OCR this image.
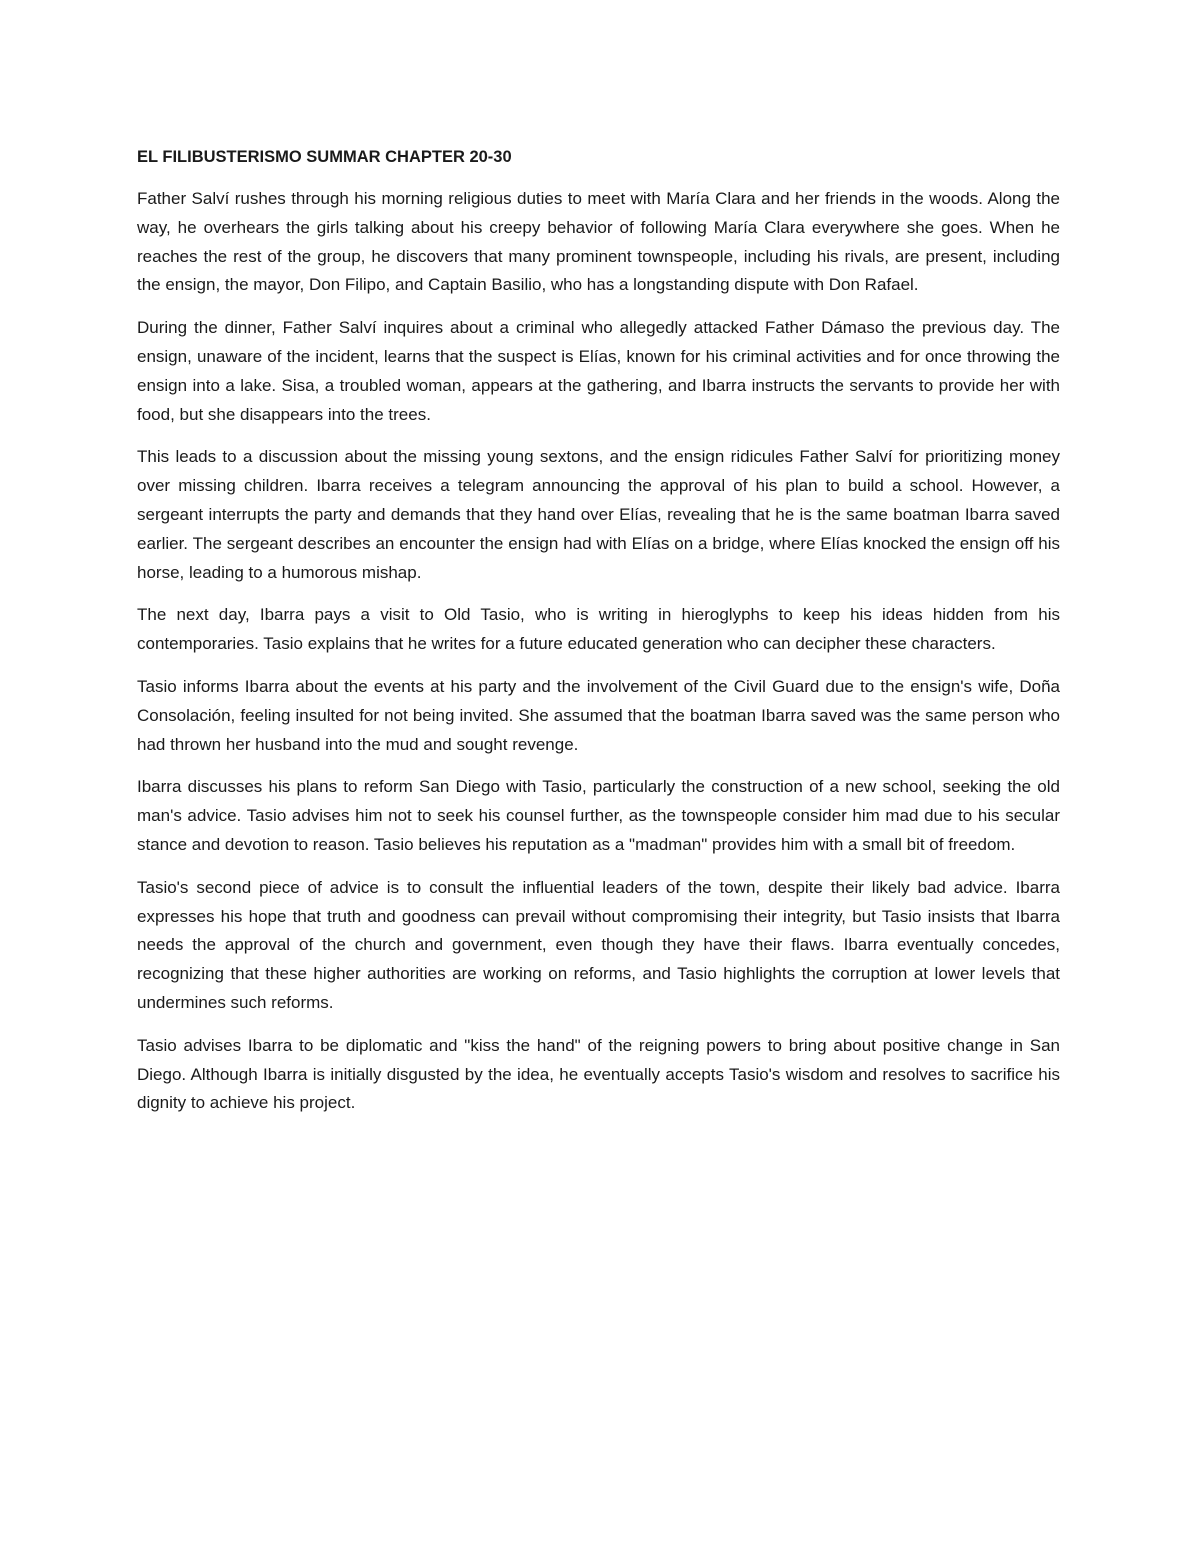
EL FILIBUSTERISMO SUMMAR CHAPTER 20-30

Father Salví rushes through his morning religious duties to meet with María Clara and her friends in the woods. Along the way, he overhears the girls talking about his creepy behavior of following María Clara everywhere she goes. When he reaches the rest of the group, he discovers that many prominent townspeople, including his rivals, are present, including the ensign, the mayor, Don Filipo, and Captain Basilio, who has a longstanding dispute with Don Rafael.

During the dinner, Father Salví inquires about a criminal who allegedly attacked Father Dámaso the previous day. The ensign, unaware of the incident, learns that the suspect is Elías, known for his criminal activities and for once throwing the ensign into a lake. Sisa, a troubled woman, appears at the gathering, and Ibarra instructs the servants to provide her with food, but she disappears into the trees.

This leads to a discussion about the missing young sextons, and the ensign ridicules Father Salví for prioritizing money over missing children. Ibarra receives a telegram announcing the approval of his plan to build a school. However, a sergeant interrupts the party and demands that they hand over Elías, revealing that he is the same boatman Ibarra saved earlier. The sergeant describes an encounter the ensign had with Elías on a bridge, where Elías knocked the ensign off his horse, leading to a humorous mishap.

The next day, Ibarra pays a visit to Old Tasio, who is writing in hieroglyphs to keep his ideas hidden from his contemporaries. Tasio explains that he writes for a future educated generation who can decipher these characters.

Tasio informs Ibarra about the events at his party and the involvement of the Civil Guard due to the ensign's wife, Doña Consolación, feeling insulted for not being invited. She assumed that the boatman Ibarra saved was the same person who had thrown her husband into the mud and sought revenge.

Ibarra discusses his plans to reform San Diego with Tasio, particularly the construction of a new school, seeking the old man's advice. Tasio advises him not to seek his counsel further, as the townspeople consider him mad due to his secular stance and devotion to reason. Tasio believes his reputation as a "madman" provides him with a small bit of freedom.

Tasio's second piece of advice is to consult the influential leaders of the town, despite their likely bad advice. Ibarra expresses his hope that truth and goodness can prevail without compromising their integrity, but Tasio insists that Ibarra needs the approval of the church and government, even though they have their flaws. Ibarra eventually concedes, recognizing that these higher authorities are working on reforms, and Tasio highlights the corruption at lower levels that undermines such reforms.

Tasio advises Ibarra to be diplomatic and "kiss the hand" of the reigning powers to bring about positive change in San Diego. Although Ibarra is initially disgusted by the idea, he eventually accepts Tasio's wisdom and resolves to sacrifice his dignity to achieve his project.
